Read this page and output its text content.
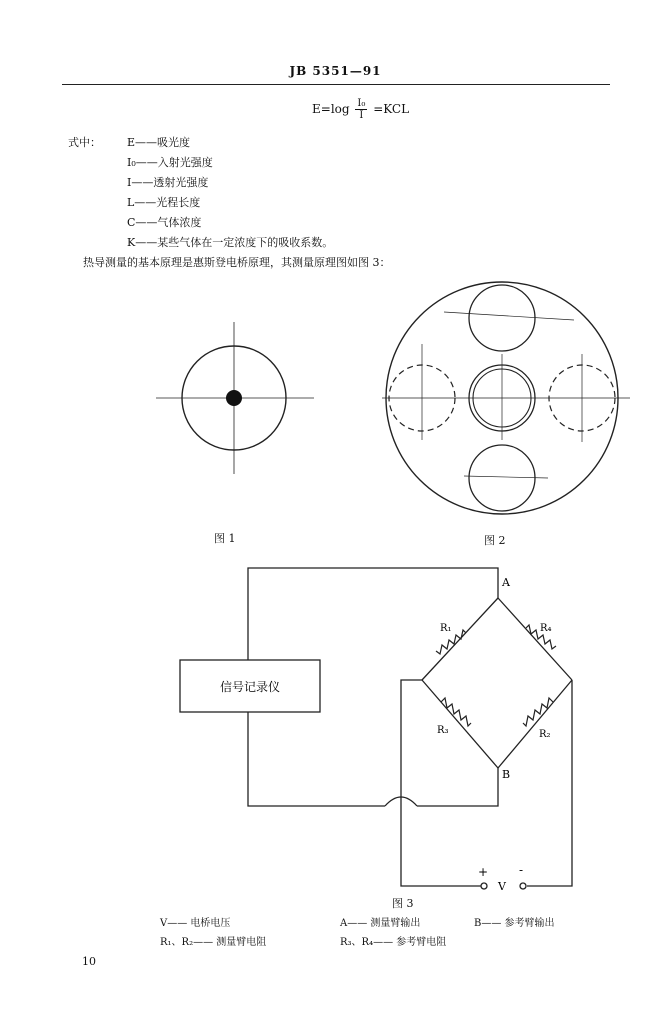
JB 5351—91
$E=\log \frac{\text{I₀}}{I} =KCL$
式中： E——吸光度
I₀——入射光强度
I——透射光强度
L——光程长度
C——气体浓度
K——某些气体在一定浓度下的吸收系数。
热导测量的基本原理是惠斯登电桥原理，其测量原理图如图 3：
图 1	图 2
信号记录仪
A
B
R₁	R₄
R₃	R₂
V
+	-
图 3
V—— 电桥电压	A—— 测量臂输出	B—— 参考臂输出
R₁、R₂—— 测量臂电阻	R₃、R₄—— 参考臂电阻
10
